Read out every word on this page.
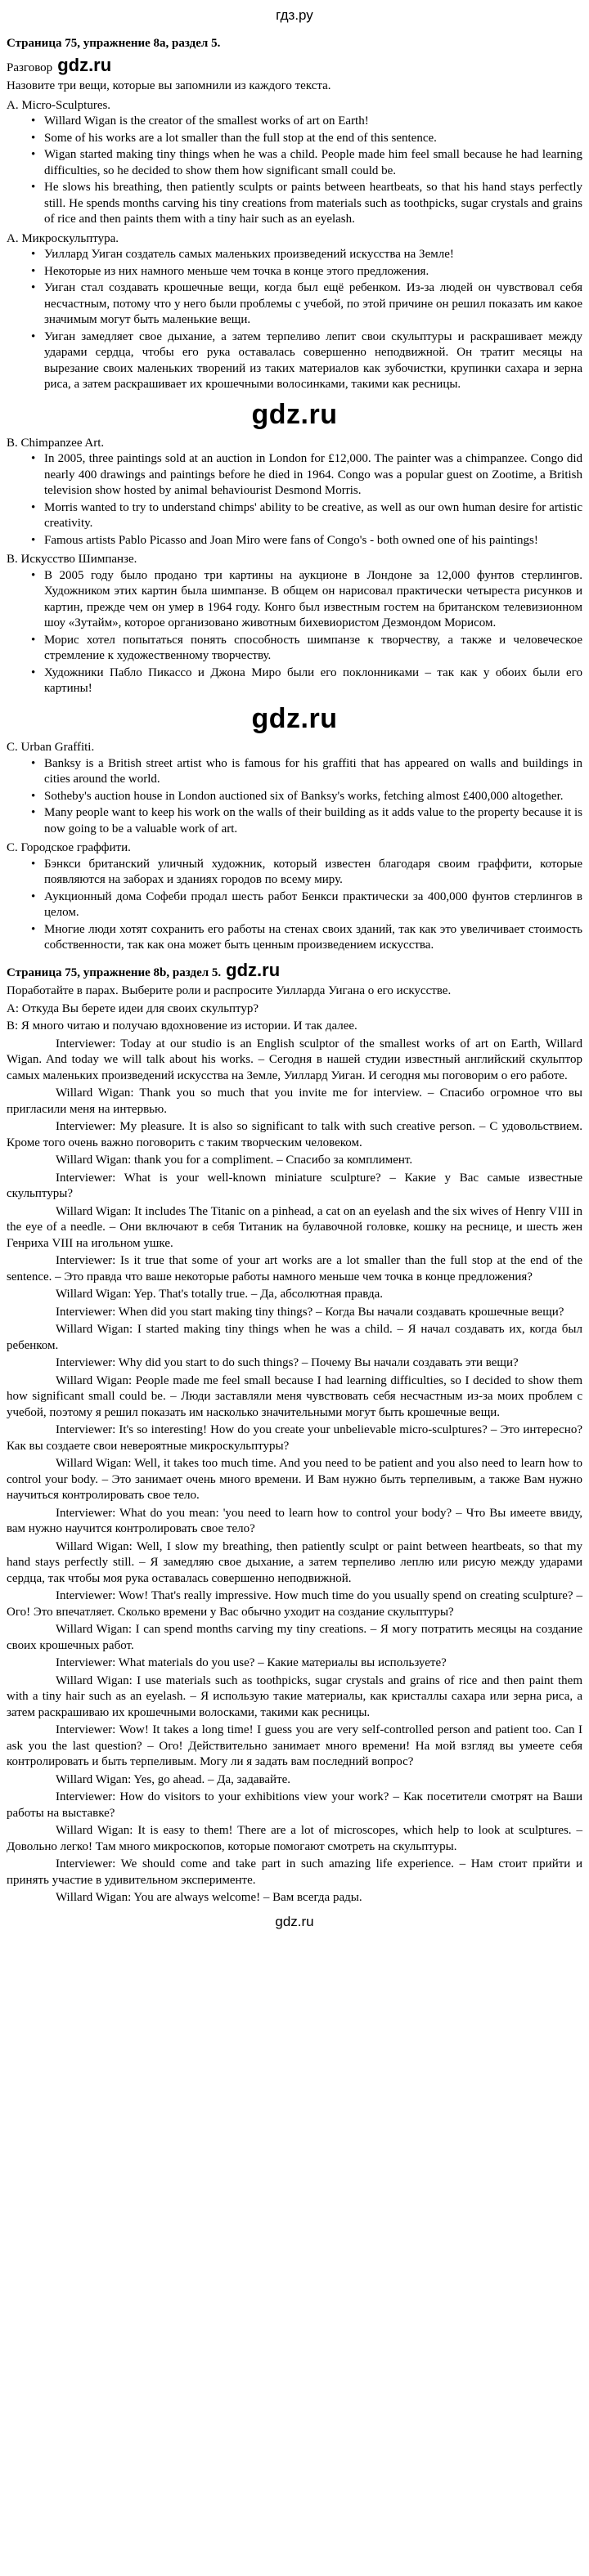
гдз.ру
Страница 75, упражнение 8a, раздел 5.

Разговор gdz.ru

Назовите три вещи, которые вы запомнили из каждого текста.

A. Micro-Sculptures.

• Willard Wigan is the creator of the smallest works of art on Earth!
• Some of his works are a lot smaller than the full stop at the end of this sentence.
• Wigan started making tiny things when he was a child. People made him feel small because he had learning difficulties, so he decided to show them how significant small could be.
• He slows his breathing, then patiently sculpts or paints between heartbeats, so that his hand stays perfectly still. He spends months carving his tiny creations from materials such as toothpicks, sugar crystals and grains of rice and then paints them with a tiny hair such as an eyelash.

А. Микроскульптура.

• Уиллард Уиган создатель самых маленьких произведений искусства на Земле!
• Некоторые из них намного меньше чем точка в конце этого предложения.
• Уиган стал создавать крошечные вещи, когда был ещё ребенком. Из-за людей он чувствовал себя несчастным, потому что у него были проблемы с учебой, по этой причине он решил показать им какое значимым могут быть маленькие вещи.
• Уиган замедляет свое дыхание, а затем терпеливо лепит свои скульптуры и раскрашивает между ударами сердца, чтобы его рука оставалась совершенно неподвижной. Он тратит месяцы на вырезание своих маленьких творений из таких материалов как зубочистки, крупинки сахара и зерна риса, а затем раскрашивает их крошечными волосинками, такими как ресницы.
gdz.ru

B. Chimpanzee Art.

• In 2005, three paintings sold at an auction in London for £12,000. The painter was a chimpanzee. Congo did nearly 400 drawings and paintings before he died in 1964. Congo was a popular guest on Zootime, a British television show hosted by animal behaviourist Desmond Morris.
• Morris wanted to try to understand chimps' ability to be creative, as well as our own human desire for artistic creativity.
• Famous artists Pablo Picasso and Joan Miro were fans of Congo's - both owned one of his paintings!

В. Искусство Шимпанзе.

• В 2005 году было продано три картины на аукционе в Лондоне за 12,000 фунтов стерлингов. Художником этих картин была шимпанзе. В общем он нарисовал практически четыреста рисунков и картин, прежде чем он умер в 1964 году. Конго был известным гостем на британском телевизионном шоу «Зутайм», которое организовано животным бихевиористом Дезмондом Морисом.
• Морис хотел попытаться понять способность шимпанзе к творчеству, а также и человеческое стремление к художественному творчеству.
• Художники Пабло Пикассо и Джона Миро были его поклонниками – так как у обоих были его картины!
gdz.ru

C. Urban Graffiti.

• Banksy is a British street artist who is famous for his graffiti that has appeared on walls and buildings in cities around the world.
• Sotheby's auction house in London auctioned six of Banksy's works, fetching almost £400,000 altogether.
• Many people want to keep his work on the walls of their building as it adds value to the property because it is now going to be a valuable work of art.

С. Городское граффити.

• Бэнкси британский уличный художник, который известен благодаря своим граффити, которые появляются на заборах и зданиях городов по всему миру.
• Аукционный дома Софеби продал шесть работ Бенкси практически за 400,000 фунтов стерлингов в целом.
• Многие люди хотят сохранить его работы на стенах своих зданий, так как это увеличивает стоимость собственности, так как она может быть ценным произведением искусства.
Страница 75, упражнение 8b, раздел 5. gdz.ru

Поработайте в парах. Выберите роли и распросите Уилларда Уигана о его искусстве.

А: Откуда Вы берете идеи для своих скульптур?

В: Я много читаю и получаю вдохновение из истории. И так далее.

Interviewer: Today at our studio is an English sculptor of the smallest works of art on Earth, Willard Wigan. And today we will talk about his works. – Сегодня в нашей студии известный английский скульптор самых маленьких произведений искусства на Земле, Уиллард Уиган. И сегодня мы поговорим о его работе.

Willard Wigan: Thank you so much that you invite me for interview. – Спасибо огромное что вы пригласили меня на интервью.

Interviewer: My pleasure. It is also so significant to talk with such creative person. – С удовольствием. Кроме того очень важно поговорить с таким творческим человеком.

Willard Wigan: thank you for a compliment. – Спасибо за комплимент.

Interviewer: What is your well-known miniature sculpture? – Какие у Вас самые известные скульптуры?

Willard Wigan: It includes The Titanic on a pinhead, a cat on an eyelash and the six wives of Henry VIII in the eye of a needle. – Они включают в себя Титаник на булавочной головке, кошку на реснице, и шесть жен Генриха VIII на игольном ушке.

Interviewer: Is it true that some of your art works are a lot smaller than the full stop at the end of the sentence. – Это правда что ваше некоторые работы намного меньше чем точка в конце предложения?

Willard Wigan: Yep. That's totally true. – Да, абсолютная правда.

Interviewer: When did you start making tiny things? – Когда Вы начали создавать крошечные вещи?

Willard Wigan: I started making tiny things when he was a child. – Я начал создавать их, когда был ребенком.

Interviewer: Why did you start to do such things? – Почему Вы начали создавать эти вещи?

Willard Wigan: People made me feel small because I had learning difficulties, so I decided to show them how significant small could be. – Люди заставляли меня чувствовать себя несчастным из-за моих проблем с учебой, поэтому я решил показать им насколько значительными могут быть крошечные вещи.

Interviewer: It's so interesting! How do you create your unbelievable micro-sculptures? – Это интересно? Как вы создаете свои невероятные микроскульптуры?

Willard Wigan: Well, it takes too much time. And you need to be patient and you also need to learn how to control your body. – Это занимает очень много времени. И Вам нужно быть терпеливым, а также Вам нужно научиться контролировать свое тело.

Interviewer: What do you mean: 'you need to learn how to control your body? – Что Вы имеете ввиду, вам нужно научится контролировать свое тело?

Willard Wigan: Well, I slow my breathing, then patiently sculpt or paint between heartbeats, so that my hand stays perfectly still. – Я замедляю свое дыхание, а затем терпеливо леплю или рисую между ударами сердца, так чтобы моя рука оставалась совершенно неподвижной.

Interviewer: Wow! That's really impressive. How much time do you usually spend on creating sculpture? – Ого! Это впечатляет. Сколько времени у Вас обычно уходит на создание скульптуры?

Willard Wigan: I can spend months carving my tiny creations. – Я могу потратить месяцы на создание своих крошечных работ.

Interviewer: What materials do you use? – Какие материалы вы используете?

Willard Wigan: I use materials such as toothpicks, sugar crystals and grains of rice and then paint them with a tiny hair such as an eyelash. – Я использую такие материалы, как кристаллы сахара или зерна риса, а затем раскрашиваю их крошечными волосками, такими как ресницы.

Interviewer: Wow! It takes a long time! I guess you are very self-controlled person and patient too. Can I ask you the last question? – Ого! Действительно занимает много времени! На мой взгляд вы умеете себя контролировать и быть терпеливым. Могу ли я задать вам последний вопрос?

Willard Wigan: Yes, go ahead. – Да, задавайте.

Interviewer: How do visitors to your exhibitions view your work? – Как посетители смотрят на Ваши работы на выставке?

Willard Wigan: It is easy to them! There are a lot of microscopes, which help to look at sculptures. – Довольно легко! Там много микроскопов, которые помогают смотреть на скульптуры.

Interviewer: We should come and take part in such amazing life experience. – Нам стоит прийти и принять участие в удивительном эксперименте.

Willard Wigan: You are always welcome! – Вам всегда рады.

gdz.ru
